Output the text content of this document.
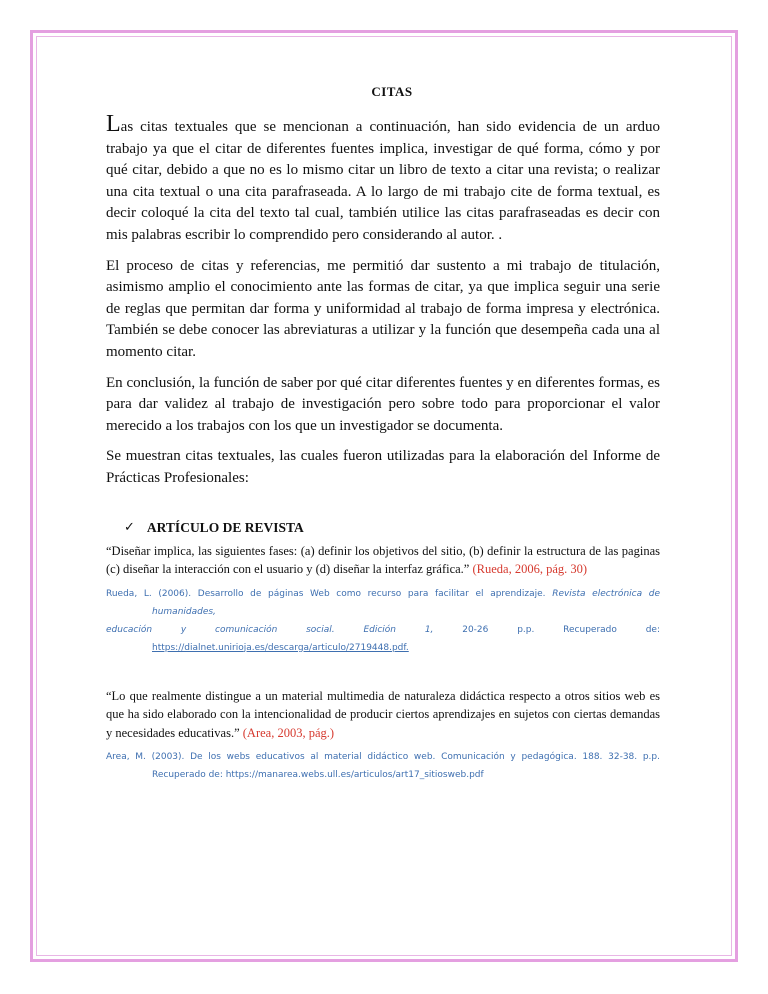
CITAS

Las citas textuales que se mencionan a continuación, han sido evidencia de un arduo trabajo ya que el citar de diferentes fuentes implica, investigar de qué forma, cómo y por qué citar, debido a que no es lo mismo citar un libro de texto a citar una revista; o realizar una cita textual o una cita parafraseada. A lo largo de mi trabajo cite de forma textual, es decir coloqué la cita del texto tal cual, también utilice las citas parafraseadas es decir con mis palabras escribir lo comprendido pero considerando al autor. .

El proceso de citas y referencias, me permitió dar sustento a mi trabajo de titulación, asimismo amplio el conocimiento ante las formas de citar, ya que implica seguir una serie de reglas que permitan dar forma y uniformidad al trabajo de forma impresa y electrónica. También se debe conocer las abreviaturas a utilizar y la función que desempeña cada una al momento citar.

En conclusión, la función de saber por qué citar diferentes fuentes y en diferentes formas, es para dar validez al trabajo de investigación pero sobre todo para proporcionar el valor merecido a los trabajos con los que un investigador se documenta.

Se muestran citas textuales, las cuales fueron utilizadas para la elaboración del Informe de Prácticas Profesionales:

✓ ARTÍCULO DE REVISTA

“Diseñar implica, las siguientes fases: (a) definir los objetivos del sitio, (b) definir la estructura de las paginas (c) diseñar la interacción con el usuario y (d) diseñar la interfaz gráfica.” (Rueda, 2006, pág. 30)

Rueda, L. (2006). Desarrollo de páginas Web como recurso para facilitar el aprendizaje. Revista electrónica de humanidades,
educación y comunicación social. Edición 1,	20-26 p.p. Recuperado de:
https://dialnet.unirioja.es/descarga/articulo/2719448.pdf.

“Lo que realmente distingue a un material multimedia de naturaleza didáctica respecto a otros sitios web es que ha sido elaborado con la intencionalidad de producir ciertos aprendizajes en sujetos con ciertas demandas y necesidades educativas.” (Area, 2003, pág.)

Area, M. (2003). De los webs educativos al material didáctico web. Comunicación y pedagógica. 188. 32-38. p.p.
Recuperado de: https://manarea.webs.ull.es/articulos/art17_sitiosweb.pdf
